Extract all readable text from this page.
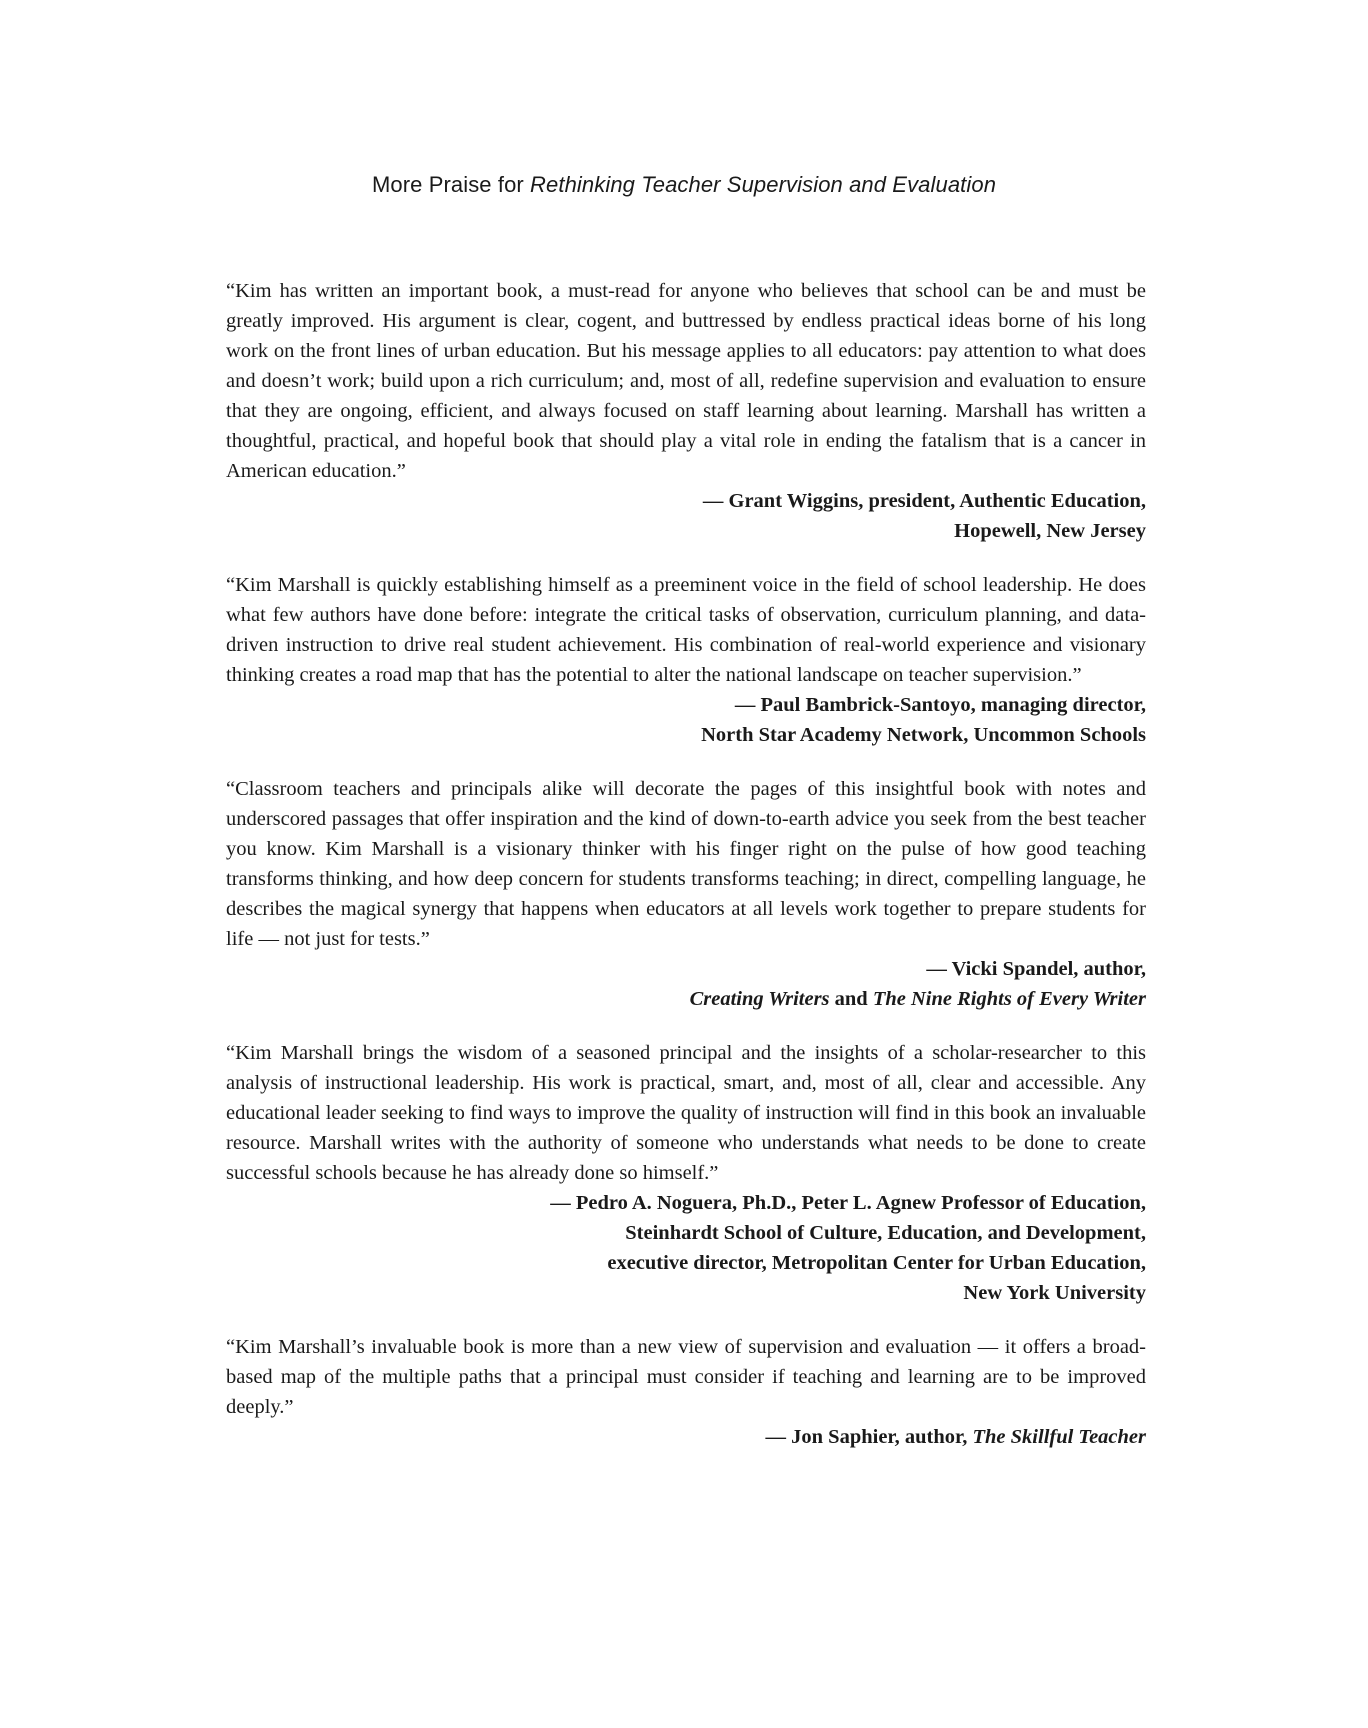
More Praise for Rethinking Teacher Supervision and Evaluation

“Kim has written an important book, a must-read for anyone who believes that school can be and must be greatly improved. His argument is clear, cogent, and buttressed by endless practical ideas borne of his long work on the front lines of urban education. But his message applies to all educators: pay attention to what does and doesn’t work; build upon a rich curriculum; and, most of all, redefine supervision and evaluation to ensure that they are ongoing, efficient, and always focused on staff learning about learning. Marshall has written a thoughtful, practical, and hopeful book that should play a vital role in ending the fatalism that is a cancer in American education.”

— Grant Wiggins, president, Authentic Education,
Hopewell, New Jersey

“Kim Marshall is quickly establishing himself as a preeminent voice in the field of school leadership. He does what few authors have done before: integrate the critical tasks of observation, curriculum planning, and data-driven instruction to drive real student achievement. His combination of real-world experience and visionary thinking creates a road map that has the potential to alter the national landscape on teacher supervision.”

— Paul Bambrick-Santoyo, managing director,
North Star Academy Network, Uncommon Schools

“Classroom teachers and principals alike will decorate the pages of this insightful book with notes and underscored passages that offer inspiration and the kind of down-to-earth advice you seek from the best teacher you know. Kim Marshall is a visionary thinker with his finger right on the pulse of how good teaching transforms thinking, and how deep concern for students transforms teaching; in direct, compelling language, he describes the magical synergy that happens when educators at all levels work together to prepare students for life — not just for tests.”

— Vicki Spandel, author,
Creating Writers and The Nine Rights of Every Writer

“Kim Marshall brings the wisdom of a seasoned principal and the insights of a scholar-researcher to this analysis of instructional leadership. His work is practical, smart, and, most of all, clear and accessible. Any educational leader seeking to find ways to improve the quality of instruction will find in this book an invaluable resource. Marshall writes with the authority of someone who understands what needs to be done to create successful schools because he has already done so himself.”

— Pedro A. Noguera, Ph.D., Peter L. Agnew Professor of Education,
Steinhardt School of Culture, Education, and Development,
executive director, Metropolitan Center for Urban Education,
New York University

“Kim Marshall’s invaluable book is more than a new view of supervision and evaluation — it offers a broad-based map of the multiple paths that a principal must consider if teaching and learning are to be improved deeply.”

— Jon Saphier, author, The Skillful Teacher
